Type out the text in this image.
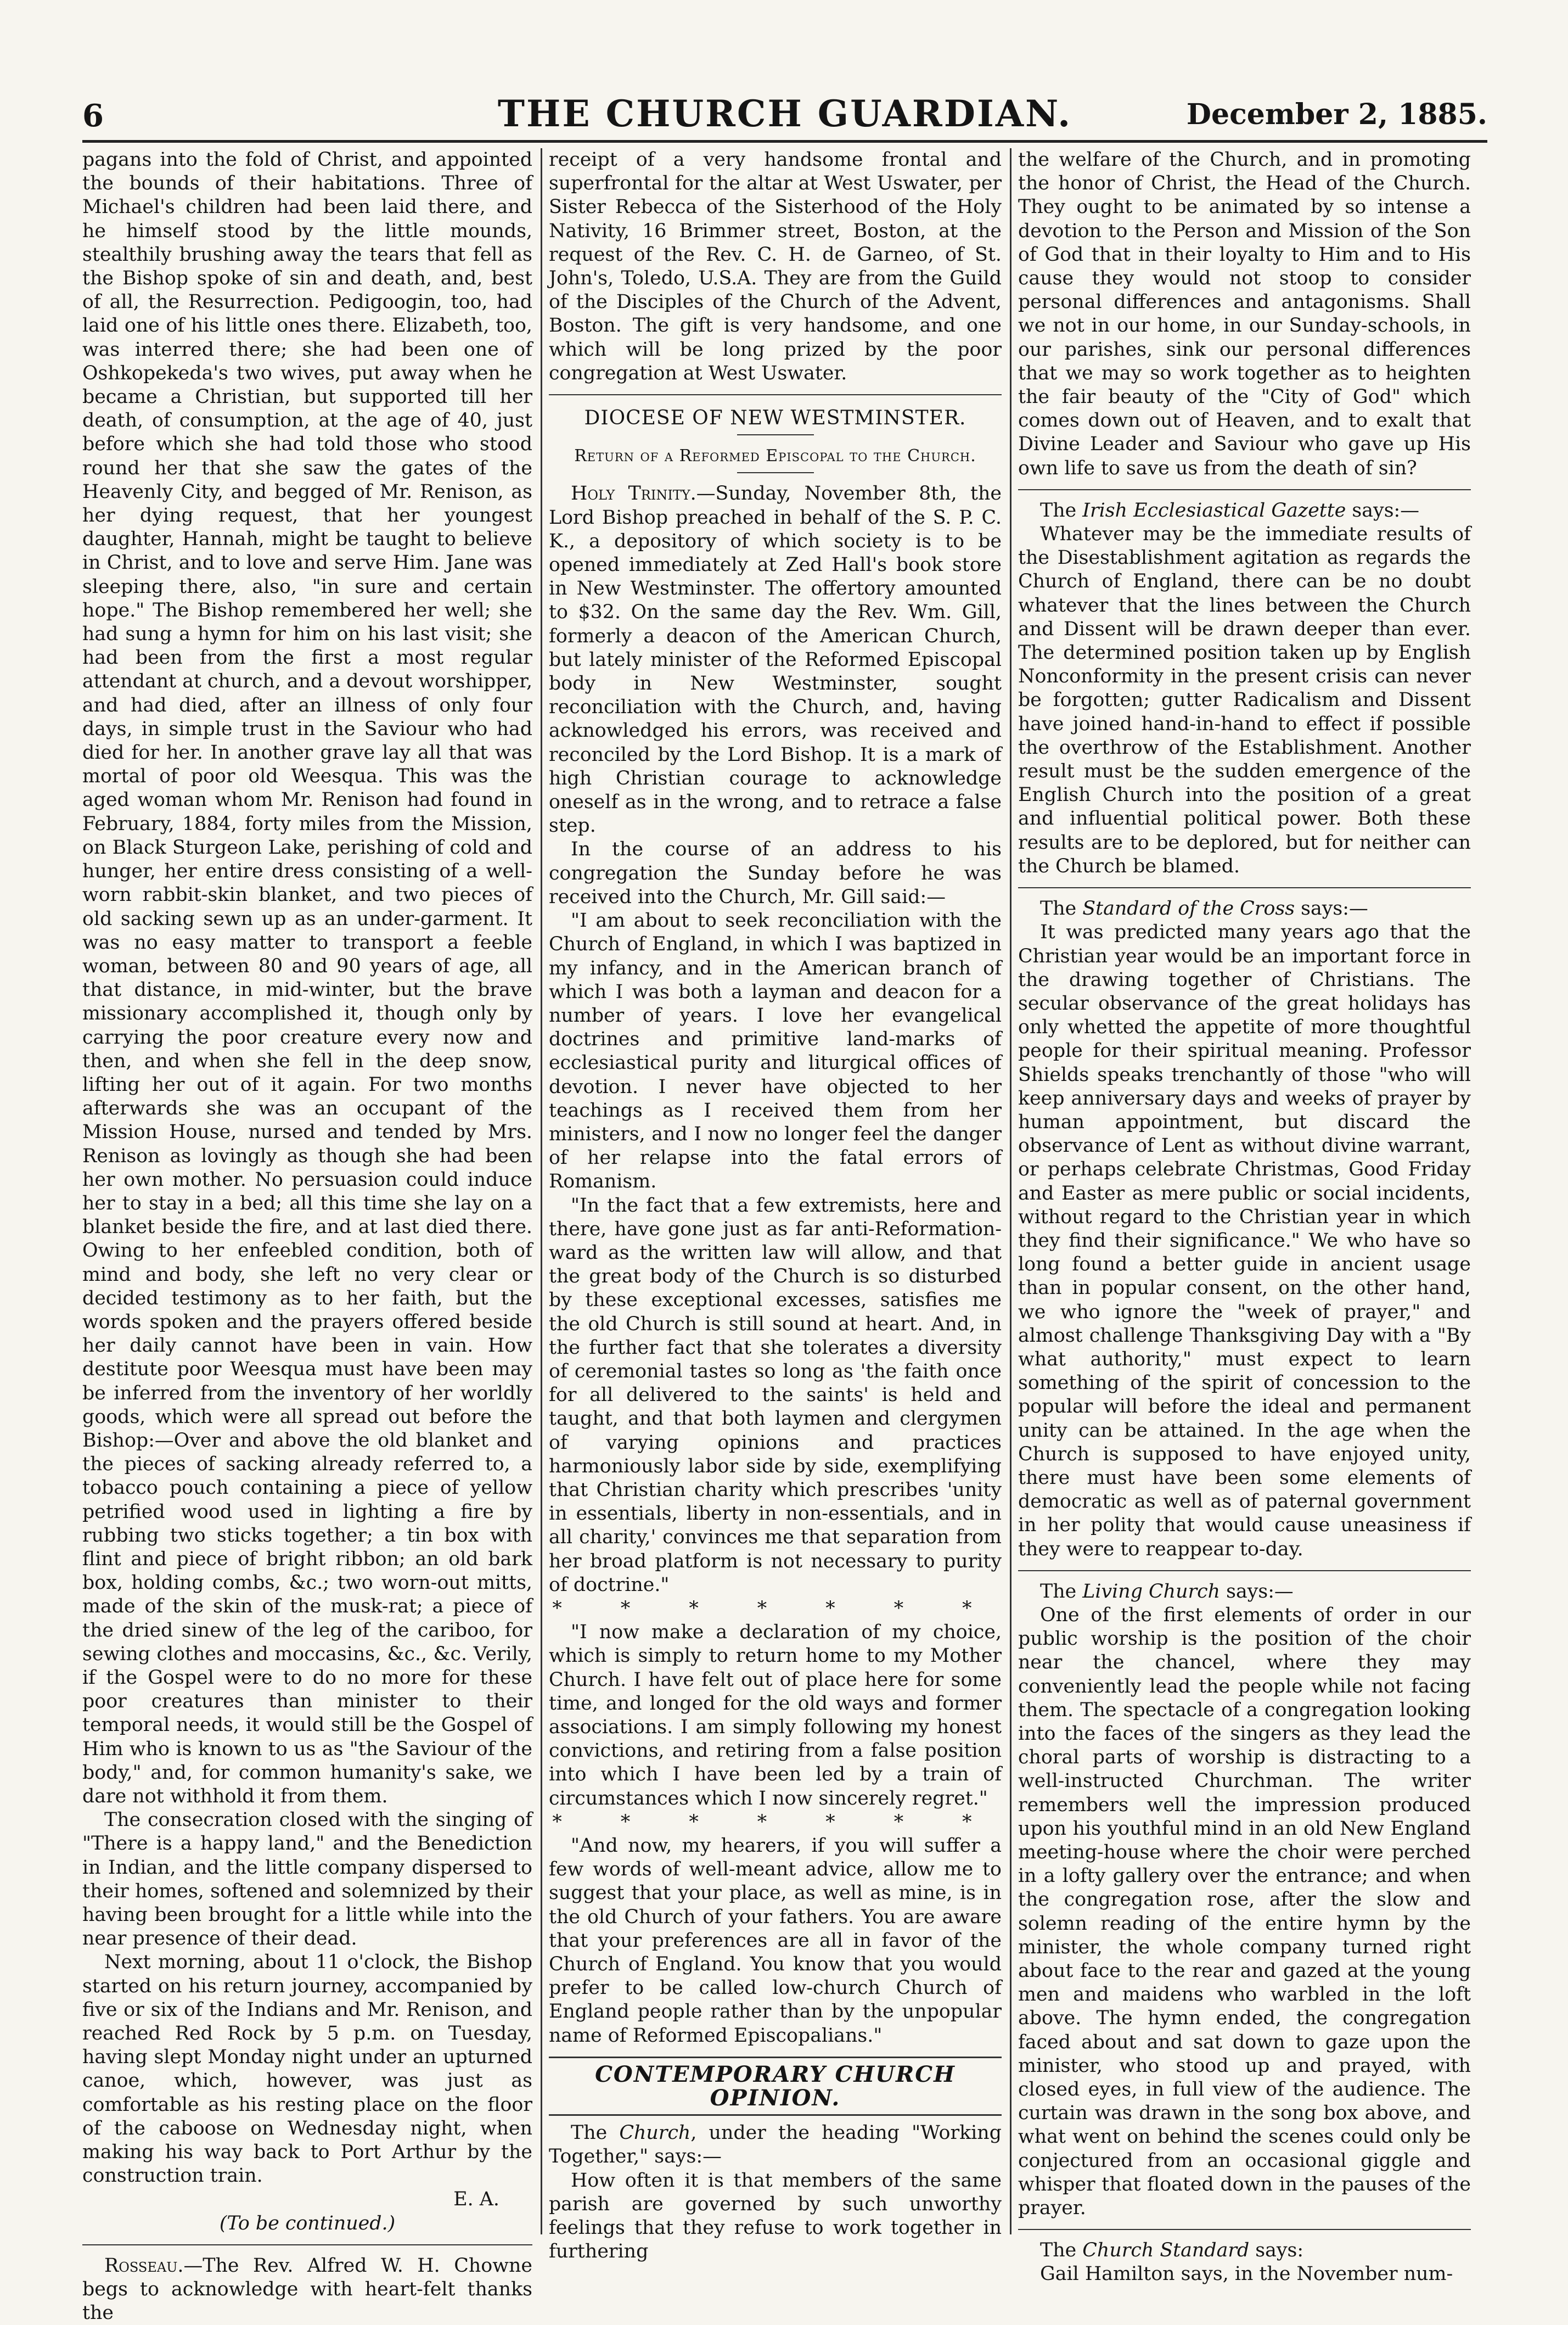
6	THE CHURCH GUARDIAN.	December 2, 1885.

pagans into the fold of Christ, and appointed the bounds of their habitations. Three of Michael's children had been laid there, and he himself stood by the little mounds, stealthily brushing away the tears that fell as the Bishop spoke of sin and death, and, best of all, the Resurrection. Pedigoogin, too, had laid one of his little ones there. Elizabeth, too, was interred there; she had been one of Oshkopekeda's two wives, put away when he became a Christian, but supported till her death, of consumption, at the age of 40, just before which she had told those who stood round her that she saw the gates of the Heavenly City, and begged of Mr. Renison, as her dying request, that her youngest daughter, Hannah, might be taught to believe in Christ, and to love and serve Him. Jane was sleeping there, also, "in sure and certain hope." The Bishop remembered her well; she had sung a hymn for him on his last visit; she had been from the first a most regular attendant at church, and a devout worshipper, and had died, after an illness of only four days, in simple trust in the Saviour who had died for her. In another grave lay all that was mortal of poor old Weesqua. This was the aged woman whom Mr. Renison had found in February, 1884, forty miles from the Mission, on Black Sturgeon Lake, perishing of cold and hunger, her entire dress consisting of a well-worn rabbit-skin blanket, and two pieces of old sacking sewn up as an under-garment. It was no easy matter to transport a feeble woman, between 80 and 90 years of age, all that distance, in mid-winter, but the brave missionary accomplished it, though only by carrying the poor creature every now and then, and when she fell in the deep snow, lifting her out of it again. For two months afterwards she was an occupant of the Mission House, nursed and tended by Mrs. Renison as lovingly as though she had been her own mother. No persuasion could induce her to stay in a bed; all this time she lay on a blanket beside the fire, and at last died there. Owing to her enfeebled condition, both of mind and body, she left no very clear or decided testimony as to her faith, but the words spoken and the prayers offered beside her daily cannot have been in vain. How destitute poor Weesqua must have been may be inferred from the inventory of her worldly goods, which were all spread out before the Bishop:—Over and above the old blanket and the pieces of sacking already referred to, a tobacco pouch containing a piece of yellow petrified wood used in lighting a fire by rubbing two sticks together; a tin box with flint and piece of bright ribbon; an old bark box, holding combs, &c.; two worn-out mitts, made of the skin of the musk-rat; a piece of the dried sinew of the leg of the cariboo, for sewing clothes and moccasins, &c., &c. Verily, if the Gospel were to do no more for these poor creatures than minister to their temporal needs, it would still be the Gospel of Him who is known to us as "the Saviour of the body," and, for common humanity's sake, we dare not withhold it from them.

The consecration closed with the singing of "There is a happy land," and the Benediction in Indian, and the little company dispersed to their homes, softened and solemnized by their having been brought for a little while into the near presence of their dead.

Next morning, about 11 o'clock, the Bishop started on his return journey, accompanied by five or six of the Indians and Mr. Renison, and reached Red Rock by 5 p.m. on Tuesday, having slept Monday night under an upturned canoe, which, however, was just as comfortable as his resting place on the floor of the caboose on Wednesday night, when making his way back to Port Arthur by the construction train.

E. A.

(To be continued.)

Rosseau.—The Rev. Alfred W. H. Chowne begs to acknowledge with heart-felt thanks the

receipt of a very handsome frontal and superfrontal for the altar at West Uswater, per Sister Rebecca of the Sisterhood of the Holy Nativity, 16 Brimmer street, Boston, at the request of the Rev. C. H. de Garneo, of St. John's, Toledo, U.S.A. They are from the Guild of the Disciples of the Church of the Advent, Boston. The gift is very handsome, and one which will be long prized by the poor congregation at West Uswater.

DIOCESE OF NEW WESTMINSTER.
Return of a Reformed Episcopal to the Church.

Holy Trinity.—Sunday, November 8th, the Lord Bishop preached in behalf of the S. P. C. K., a depository of which society is to be opened immediately at Zed Hall's book store in New Westminster. The offertory amounted to $32. On the same day the Rev. Wm. Gill, formerly a deacon of the American Church, but lately minister of the Reformed Episcopal body in New Westminster, sought reconciliation with the Church, and, having acknowledged his errors, was received and reconciled by the Lord Bishop. It is a mark of high Christian courage to acknowledge oneself as in the wrong, and to retrace a false step.

In the course of an address to his congregation the Sunday before he was received into the Church, Mr. Gill said:—

"I am about to seek reconciliation with the Church of England, in which I was baptized in my infancy, and in the American branch of which I was both a layman and deacon for a number of years. I love her evangelical doctrines and primitive land-marks of ecclesiastical purity and liturgical offices of devotion. I never have objected to her teachings as I received them from her ministers, and I now no longer feel the danger of her relapse into the fatal errors of Romanism.

"In the fact that a few extremists, here and there, have gone just as far anti-Reformation-ward as the written law will allow, and that the great body of the Church is so disturbed by these exceptional excesses, satisfies me the old Church is still sound at heart. And, in the further fact that she tolerates a diversity of ceremonial tastes so long as 'the faith once for all delivered to the saints' is held and taught, and that both laymen and clergymen of varying opinions and practices harmoniously labor side by side, exemplifying that Christian charity which prescribes 'unity in essentials, liberty in non-essentials, and in all charity,' convinces me that separation from her broad platform is not necessary to purity of doctrine."

* * * * * * *

"I now make a declaration of my choice, which is simply to return home to my Mother Church. I have felt out of place here for some time, and longed for the old ways and former associations. I am simply following my honest convictions, and retiring from a false position into which I have been led by a train of circumstances which I now sincerely regret."

* * * * * * *

"And now, my hearers, if you will suffer a few words of well-meant advice, allow me to suggest that your place, as well as mine, is in the old Church of your fathers. You are aware that your preferences are all in favor of the Church of England. You know that you would prefer to be called low-church Church of England people rather than by the unpopular name of Reformed Episcopalians."

CONTEMPORARY CHURCH OPINION.

The Church, under the heading "Working Together," says:—

How often it is that members of the same parish are governed by such unworthy feelings that they refuse to work together in furthering

the welfare of the Church, and in promoting the honor of Christ, the Head of the Church. They ought to be animated by so intense a devotion to the Person and Mission of the Son of God that in their loyalty to Him and to His cause they would not stoop to consider personal differences and antagonisms. Shall we not in our home, in our Sunday-schools, in our parishes, sink our personal differences that we may so work together as to heighten the fair beauty of the "City of God" which comes down out of Heaven, and to exalt that Divine Leader and Saviour who gave up His own life to save us from the death of sin?

The Irish Ecclesiastical Gazette says:—

Whatever may be the immediate results of the Disestablishment agitation as regards the Church of England, there can be no doubt whatever that the lines between the Church and Dissent will be drawn deeper than ever. The determined position taken up by English Nonconformity in the present crisis can never be forgotten; gutter Radicalism and Dissent have joined hand-in-hand to effect if possible the overthrow of the Establishment. Another result must be the sudden emergence of the English Church into the position of a great and influential political power. Both these results are to be deplored, but for neither can the Church be blamed.

The Standard of the Cross says:—

It was predicted many years ago that the Christian year would be an important force in the drawing together of Christians. The secular observance of the great holidays has only whetted the appetite of more thoughtful people for their spiritual meaning. Professor Shields speaks trenchantly of those "who will keep anniversary days and weeks of prayer by human appointment, but discard the observance of Lent as without divine warrant, or perhaps celebrate Christmas, Good Friday and Easter as mere public or social incidents, without regard to the Christian year in which they find their significance." We who have so long found a better guide in ancient usage than in popular consent, on the other hand, we who ignore the "week of prayer," and almost challenge Thanksgiving Day with a "By what authority," must expect to learn something of the spirit of concession to the popular will before the ideal and permanent unity can be attained. In the age when the Church is supposed to have enjoyed unity, there must have been some elements of democratic as well as of paternal government in her polity that would cause uneasiness if they were to reappear to-day.

The Living Church says:—

One of the first elements of order in our public worship is the position of the choir near the chancel, where they may conveniently lead the people while not facing them. The spectacle of a congregation looking into the faces of the singers as they lead the choral parts of worship is distracting to a well-instructed Churchman. The writer remembers well the impression produced upon his youthful mind in an old New England meeting-house where the choir were perched in a lofty gallery over the entrance; and when the congregation rose, after the slow and solemn reading of the entire hymn by the minister, the whole company turned right about face to the rear and gazed at the young men and maidens who warbled in the loft above. The hymn ended, the congregation faced about and sat down to gaze upon the minister, who stood up and prayed, with closed eyes, in full view of the audience. The curtain was drawn in the song box above, and what went on behind the scenes could only be conjectured from an occasional giggle and whisper that floated down in the pauses of the prayer.

The Church Standard says:

Gail Hamilton says, in the November num-
